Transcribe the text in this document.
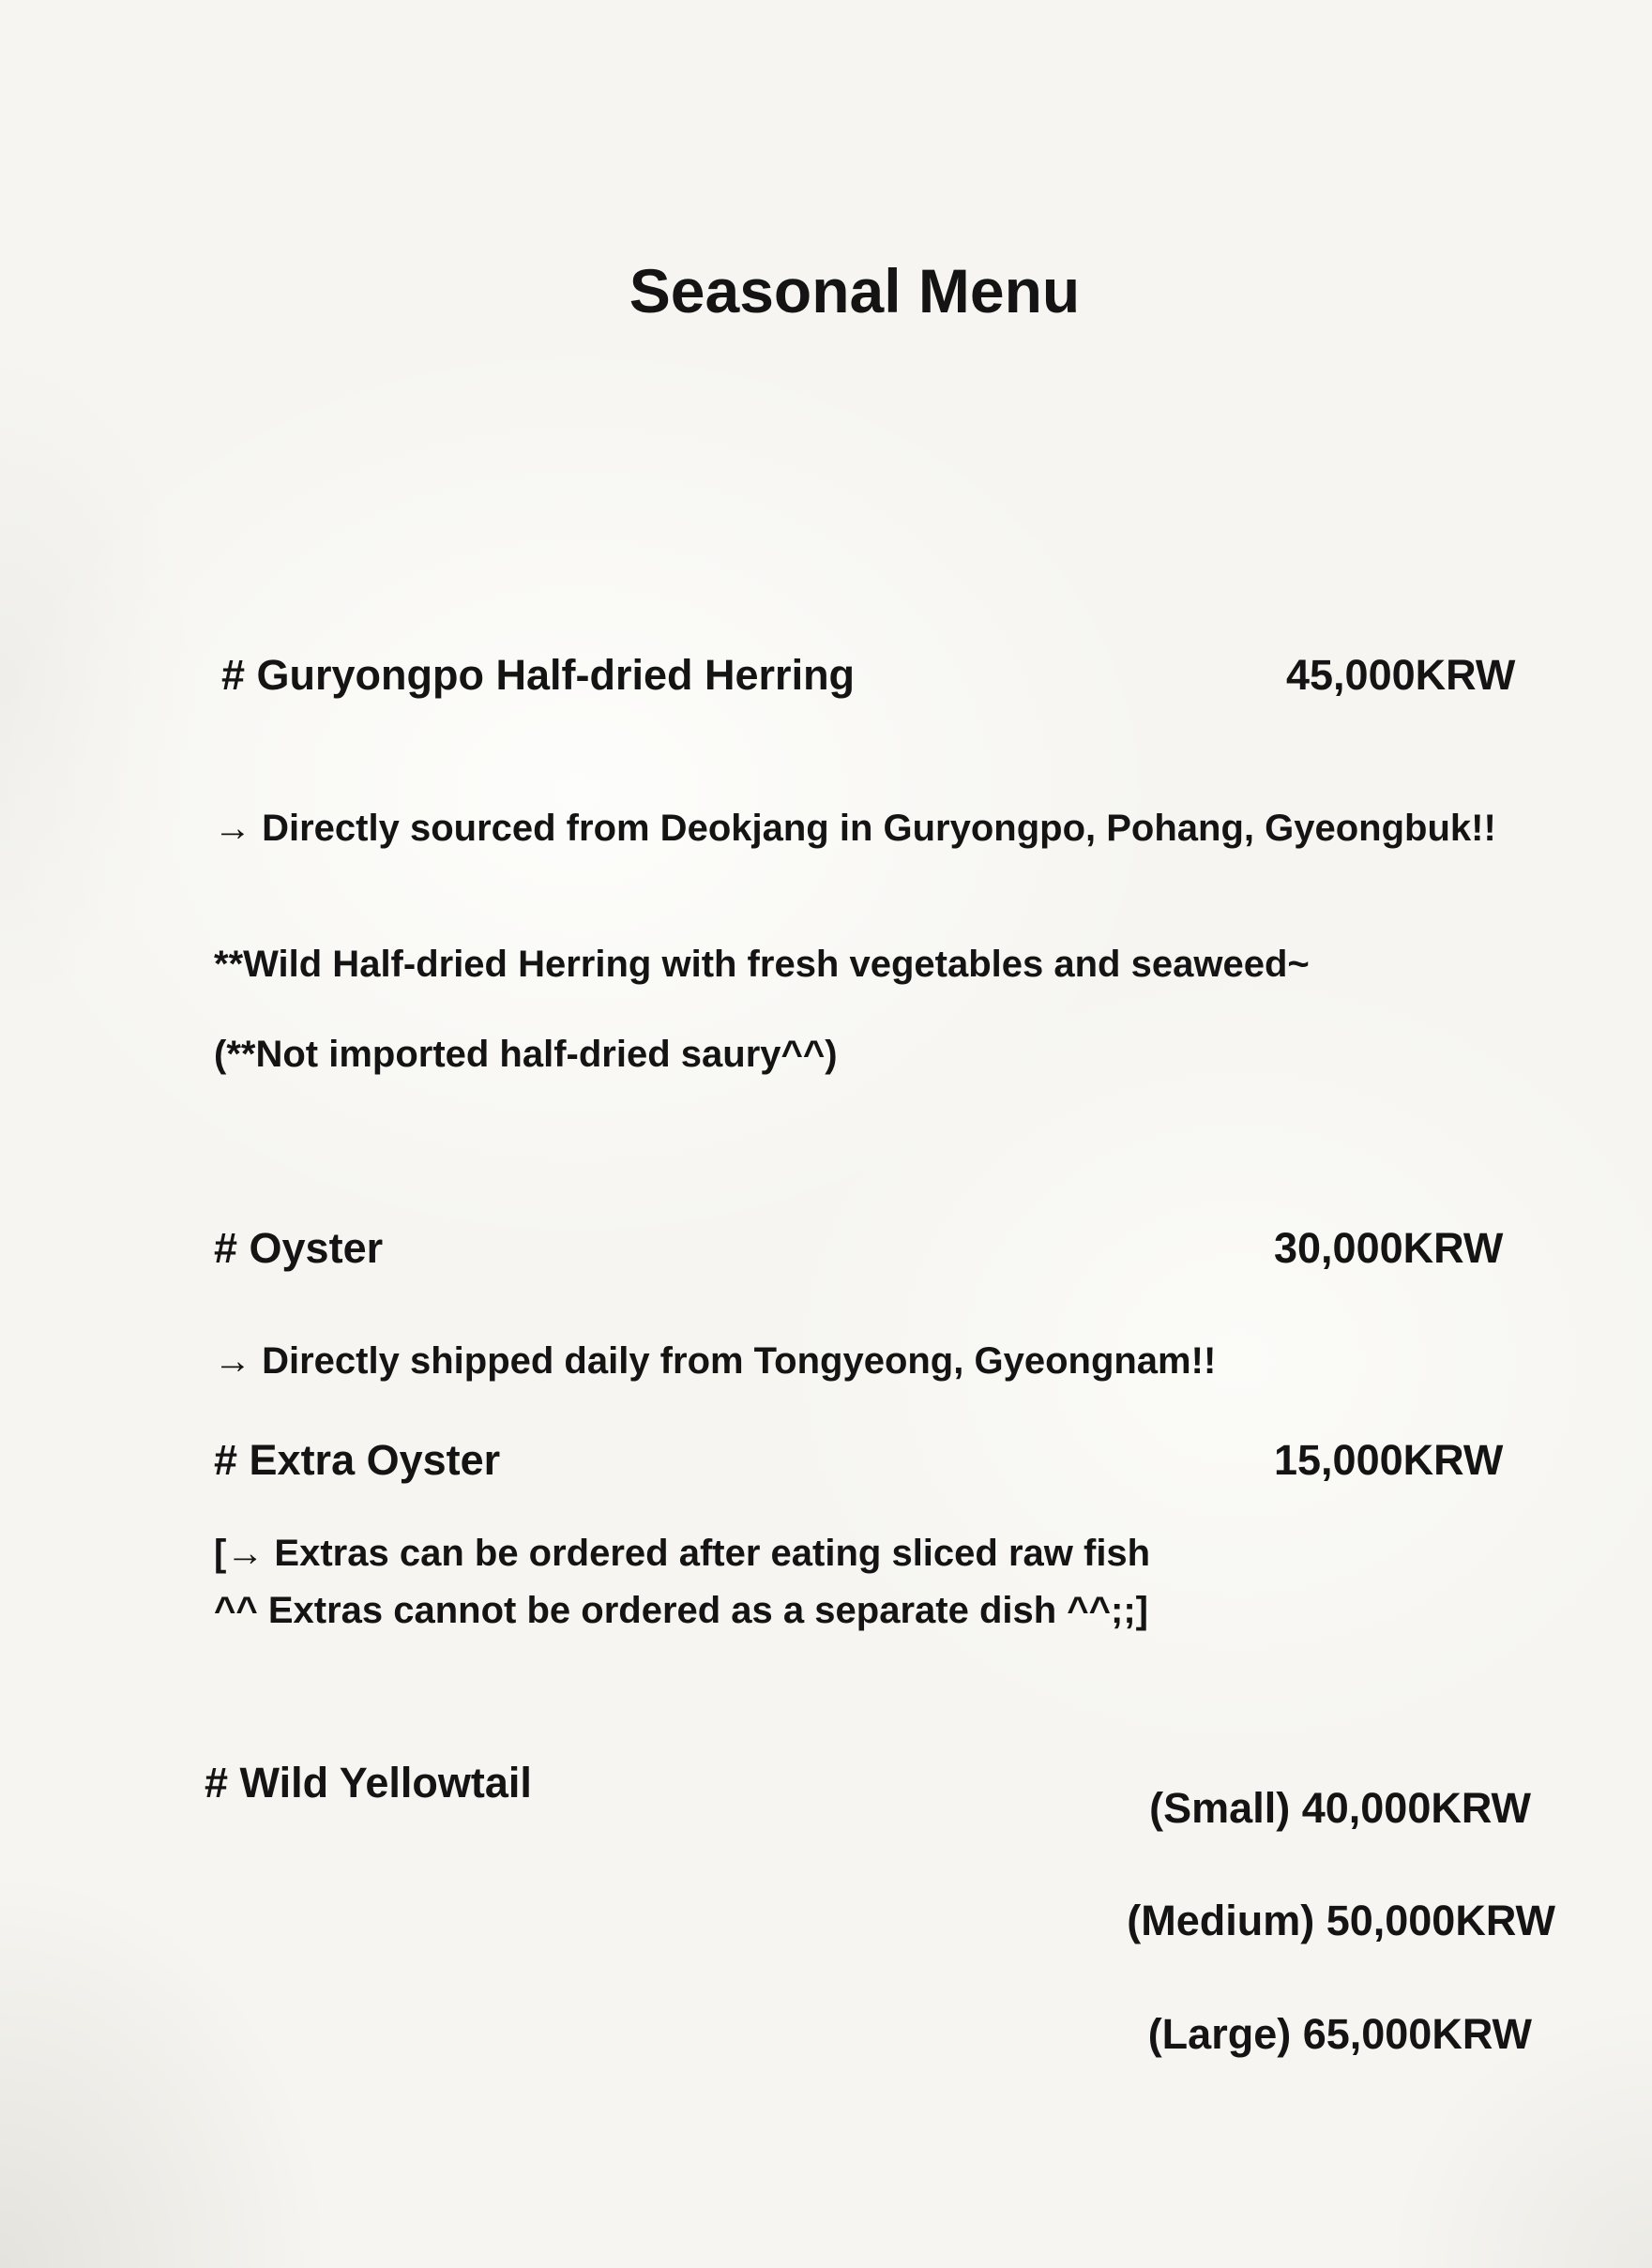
Seasonal Menu
# Guryongpo Half-dried Herring	45,000KRW
→ Directly sourced from Deokjang in Guryongpo, Pohang, Gyeongbuk!!
**Wild Half-dried Herring with fresh vegetables and seaweed~
(**Not imported half-dried saury^^)
# Oyster	30,000KRW
→ Directly shipped daily from Tongyeong, Gyeongnam!!
# Extra Oyster	15,000KRW
[→ Extras can be ordered after eating sliced raw fish
^^ Extras cannot be ordered as a separate dish ^^;;]
# Wild Yellowtail
(Small) 40,000KRW
(Medium) 50,000KRW
(Large) 65,000KRW
